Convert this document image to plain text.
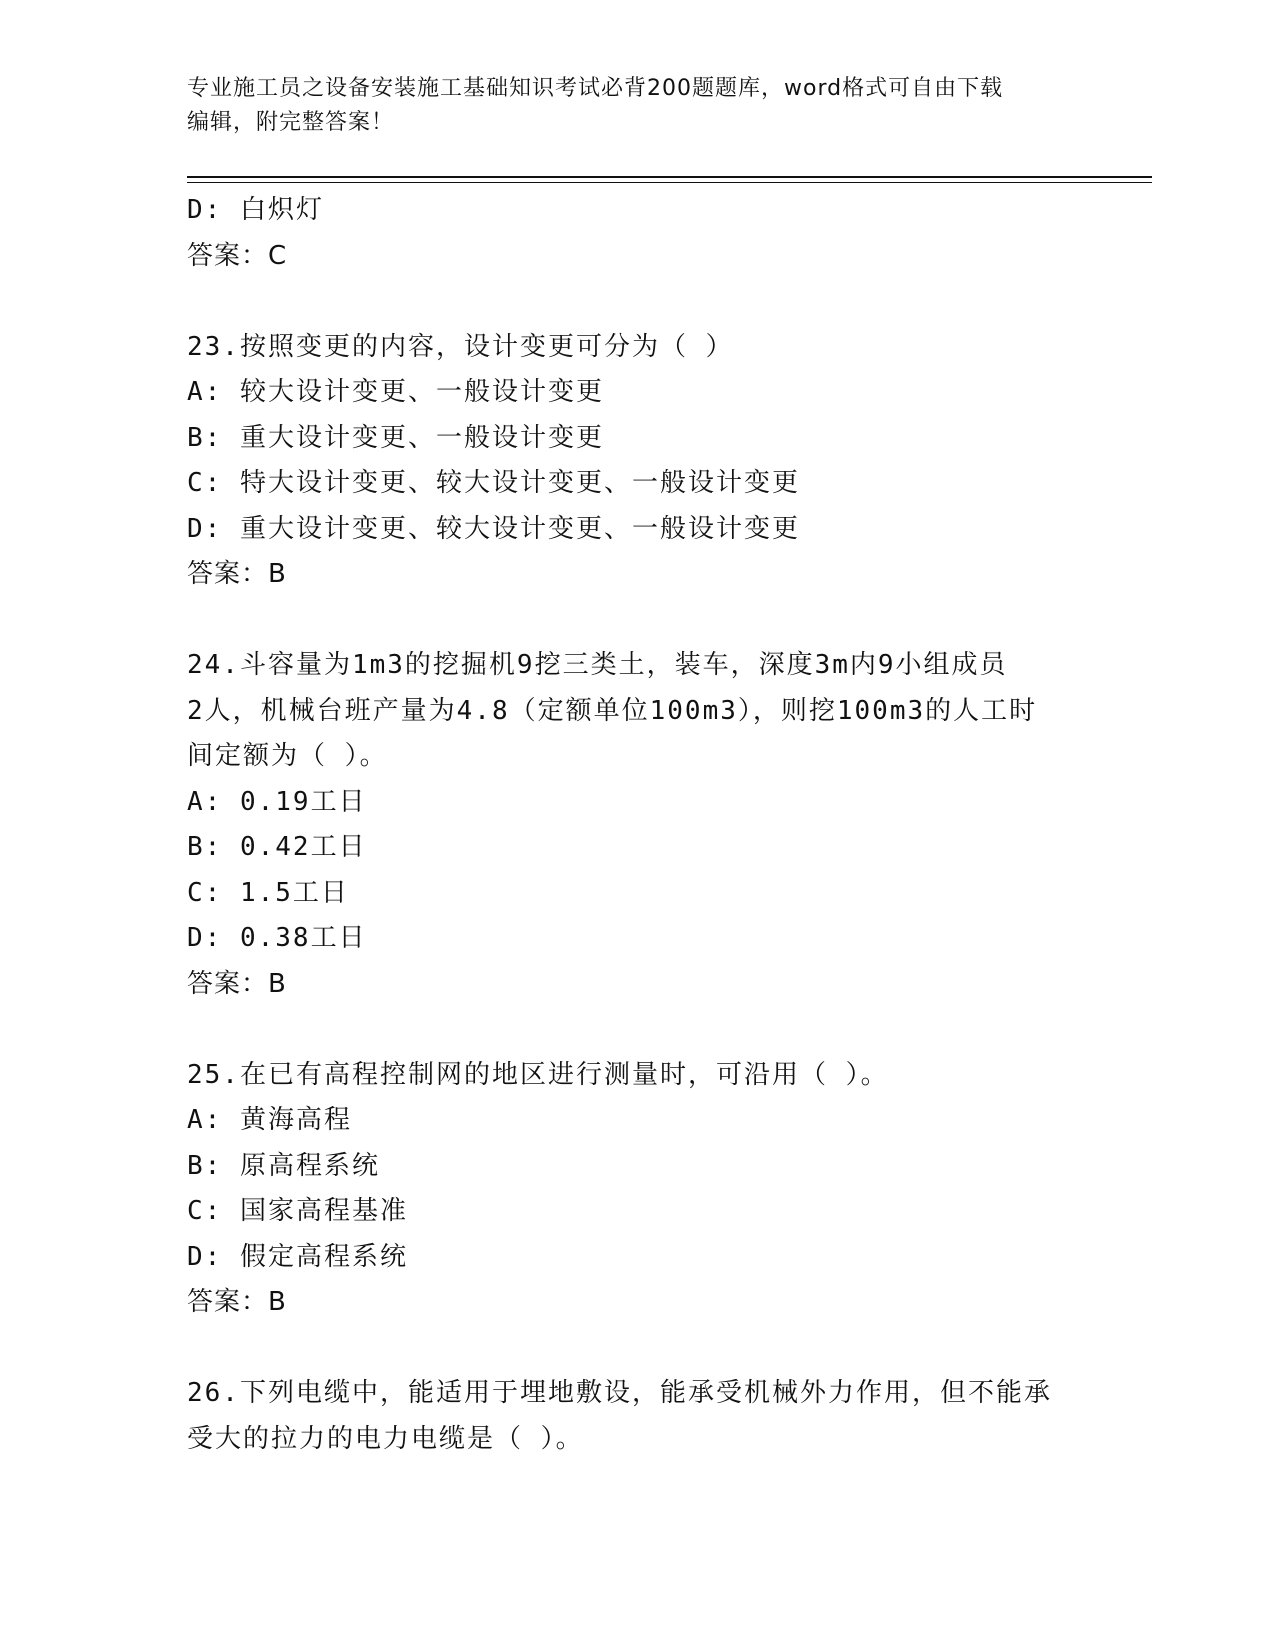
专业施工员之设备安装施工基础知识考试必背200题题库，word格式可自由下载
编辑，附完整答案！
D: 白炽灯
答案：C
23.按照变更的内容，设计变更可分为（ ）
A: 较大设计变更、一般设计变更
B: 重大设计变更、一般设计变更
C: 特大设计变更、较大设计变更、一般设计变更
D: 重大设计变更、较大设计变更、一般设计变更
答案：B
24.斗容量为1m3的挖掘机9挖三类土，装车，深度3m内9小组成员
2人，机械台班产量为4.8（定额单位100m3），则挖100m3的人工时
间定额为（ ）。
A: 0.19工日
B: 0.42工日
C: 1.5工日
D: 0.38工日
答案：B
25.在已有高程控制网的地区进行测量时，可沿用（ ）。
A: 黄海高程
B: 原高程系统
C: 国家高程基准
D: 假定高程系统
答案：B
26.下列电缆中，能适用于埋地敷设，能承受机械外力作用，但不能承
受大的拉力的电力电缆是（ ）。
